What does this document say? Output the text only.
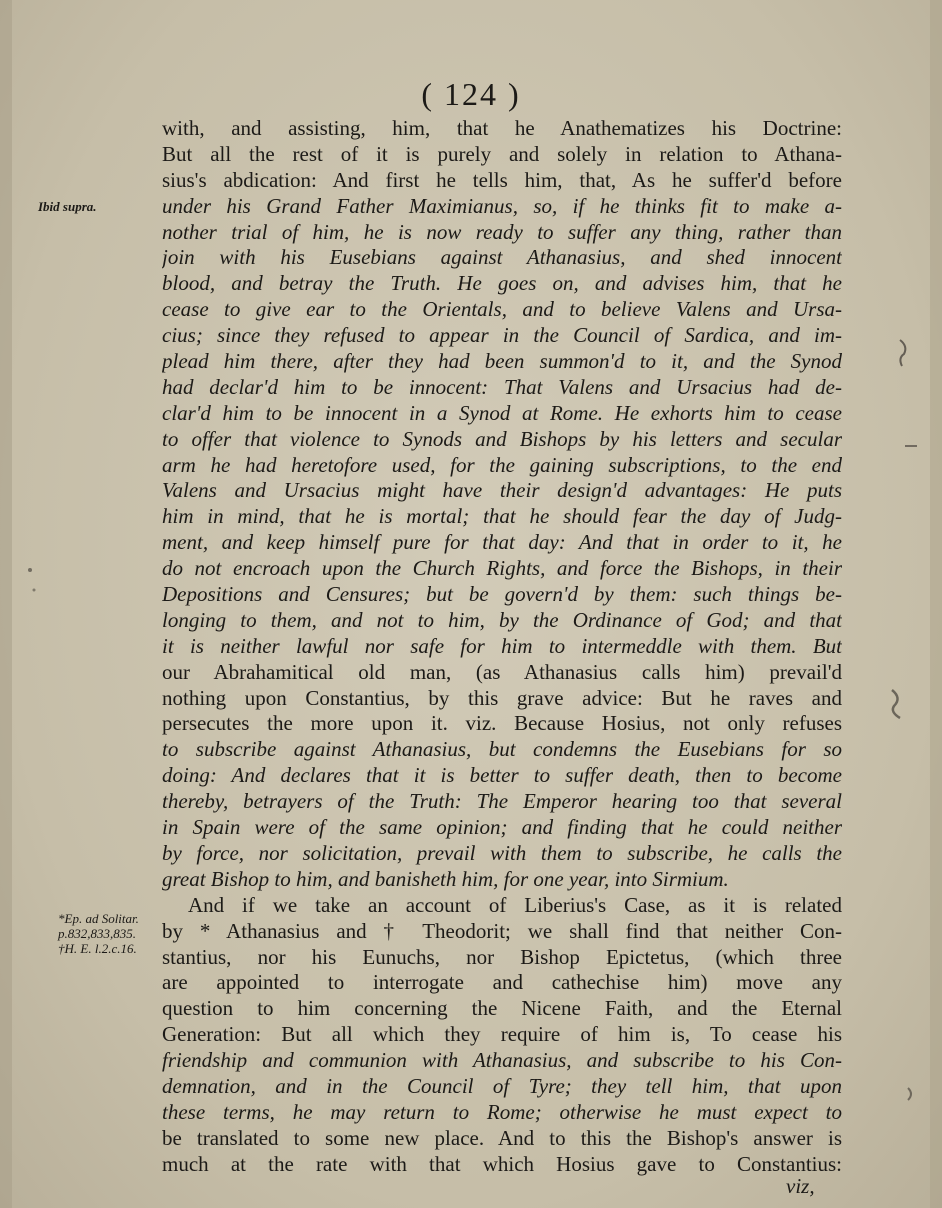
( 124 )
Ibid supra.
*Ep. ad Solitar.
p.832,833,835.
†H. E. l.2.c.16.
with, and assisting, him, that he Anathematizes his Doctrine:
But all the rest of it is purely and solely in relation to Athana-
sius's abdication: And first he tells him, that, As he suffer'd before
under his Grand Father Maximianus, so, if he thinks fit to make a-
nother trial of him, he is now ready to suffer any thing, rather than
join with his Eusebians against Athanasius, and shed innocent
blood, and betray the Truth. He goes on, and advises him, that he
cease to give ear to the Orientals, and to believe Valens and Ursa-
cius; since they refused to appear in the Council of Sardica, and im-
plead him there, after they had been summon'd to it, and the Synod
had declar'd him to be innocent: That Valens and Ursacius had de-
clar'd him to be innocent in a Synod at Rome. He exhorts him to cease
to offer that violence to Synods and Bishops by his letters and secular
arm he had heretofore used, for the gaining subscriptions, to the end
Valens and Ursacius might have their design'd advantages: He puts
him in mind, that he is mortal; that he should fear the day of Judg-
ment, and keep himself pure for that day: And that in order to it, he
do not encroach upon the Church Rights, and force the Bishops, in their
Depositions and Censures; but be govern'd by them: such things be-
longing to them, and not to him, by the Ordinance of God; and that
it is neither lawful nor safe for him to intermeddle with them. But
our Abrahamitical old man, (as Athanasius calls him) prevail'd
nothing upon Constantius, by this grave advice: But he raves and
persecutes the more upon it. viz. Because Hosius, not only refuses
to subscribe against Athanasius, but condemns the Eusebians for so
doing: And declares that it is better to suffer death, then to become
thereby, betrayers of the Truth: The Emperor hearing too that several
in Spain were of the same opinion; and finding that he could neither
by force, nor solicitation, prevail with them to subscribe, he calls the
great Bishop to him, and banisheth him, for one year, into Sirmium.
And if we take an account of Liberius's Case, as it is related
by * Athanasius and † Theodorit; we shall find that neither Con-
stantius, nor his Eunuchs, nor Bishop Epictetus, (which three
are appointed to interrogate and cathechise him) move any
question to him concerning the Nicene Faith, and the Eternal
Generation: But all which they require of him is, To cease his
friendship and communion with Athanasius, and subscribe to his Con-
demnation, and in the Council of Tyre; they tell him, that upon
these terms, he may return to Rome; otherwise he must expect to
be translated to some new place. And to this the Bishop's answer is
much at the rate with that which Hosius gave to Constantius:
viz,
